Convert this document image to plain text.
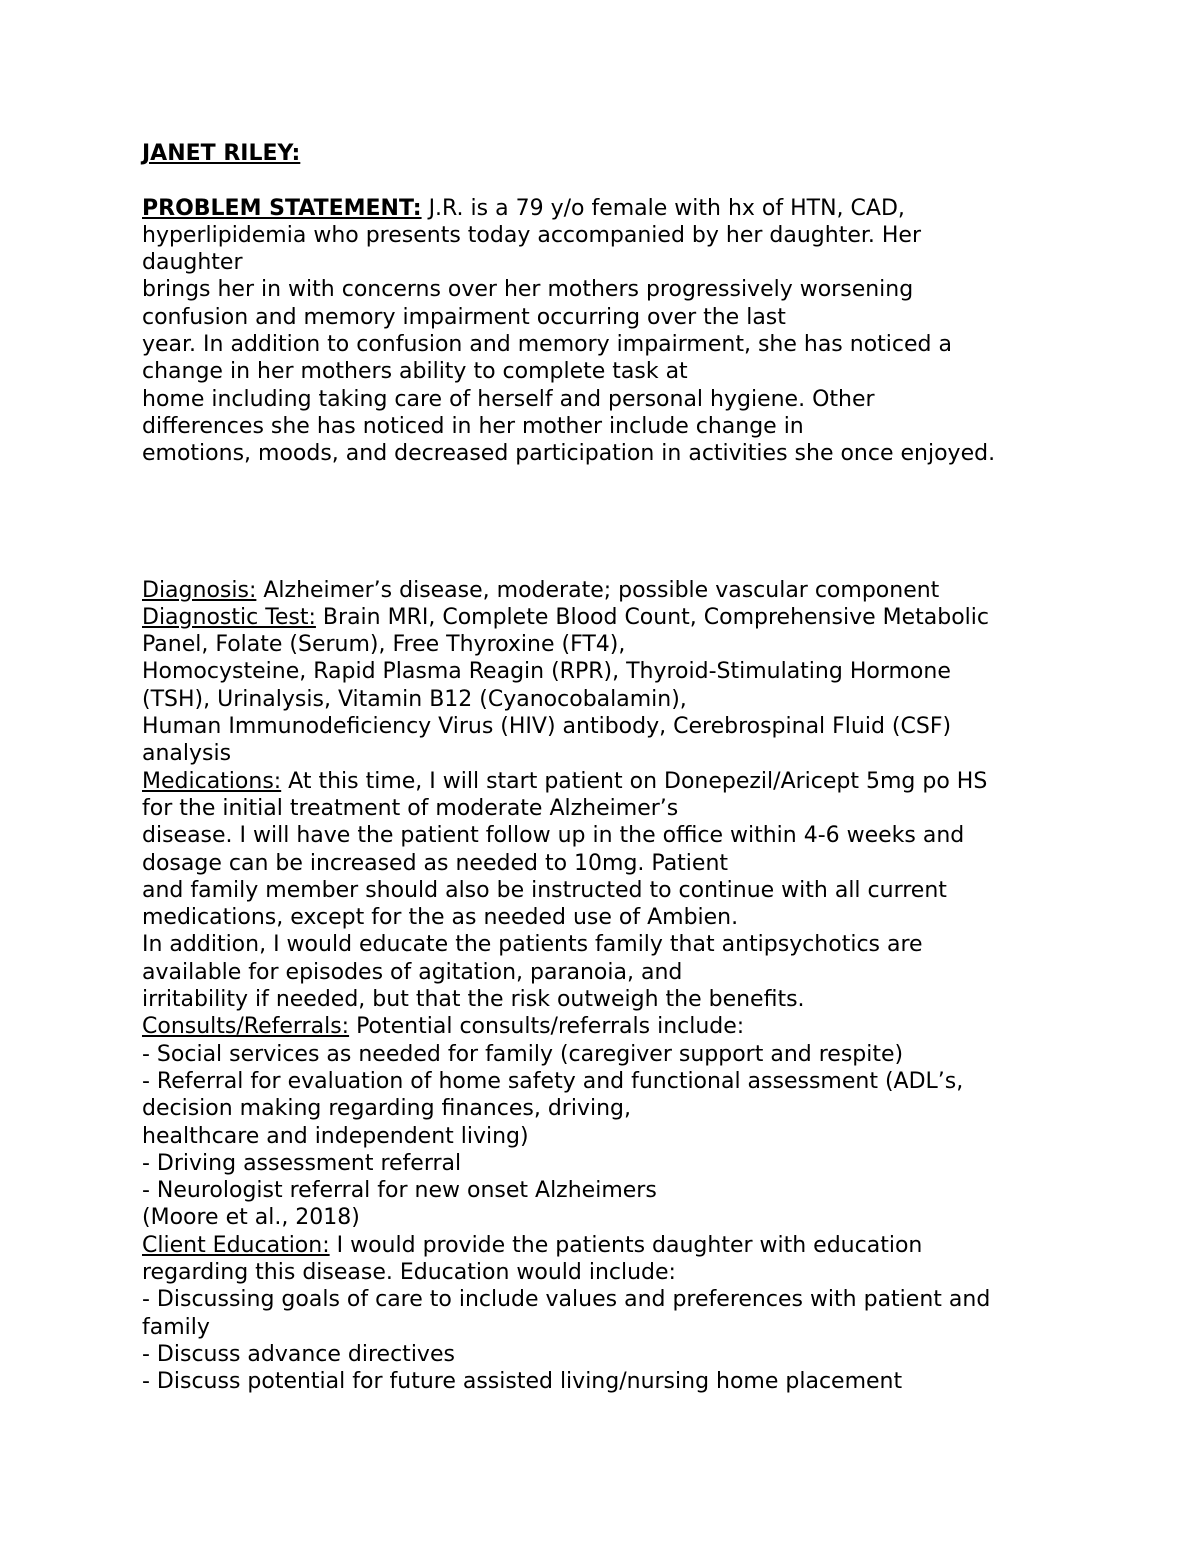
JANET RILEY:
PROBLEM STATEMENT: J.R. is a 79 y/o female with hx of HTN, CAD,
hyperlipidemia who presents today accompanied by her daughter. Her
daughter
brings her in with concerns over her mothers progressively worsening
confusion and memory impairment occurring over the last
year. In addition to confusion and memory impairment, she has noticed a
change in her mothers ability to complete task at
home including taking care of herself and personal hygiene. Other
differences she has noticed in her mother include change in
emotions, moods, and decreased participation in activities she once enjoyed.
Diagnosis: Alzheimer’s disease, moderate; possible vascular component
Diagnostic Test: Brain MRI, Complete Blood Count, Comprehensive Metabolic
Panel, Folate (Serum), Free Thyroxine (FT4),
Homocysteine, Rapid Plasma Reagin (RPR), Thyroid-Stimulating Hormone
(TSH), Urinalysis, Vitamin B12 (Cyanocobalamin),
Human Immunodeficiency Virus (HIV) antibody, Cerebrospinal Fluid (CSF)
analysis
Medications: At this time, I will start patient on Donepezil/Aricept 5mg po HS
for the initial treatment of moderate Alzheimer’s
disease. I will have the patient follow up in the office within 4-6 weeks and
dosage can be increased as needed to 10mg. Patient
and family member should also be instructed to continue with all current
medications, except for the as needed use of Ambien.
In addition, I would educate the patients family that antipsychotics are
available for episodes of agitation, paranoia, and
irritability if needed, but that the risk outweigh the benefits.
Consults/Referrals: Potential consults/referrals include:
- Social services as needed for family (caregiver support and respite)
- Referral for evaluation of home safety and functional assessment (ADL’s,
decision making regarding finances, driving,
healthcare and independent living)
- Driving assessment referral
- Neurologist referral for new onset Alzheimers
(Moore et al., 2018)
Client Education: I would provide the patients daughter with education
regarding this disease. Education would include:
- Discussing goals of care to include values and preferences with patient and
family
- Discuss advance directives
- Discuss potential for future assisted living/nursing home placement
